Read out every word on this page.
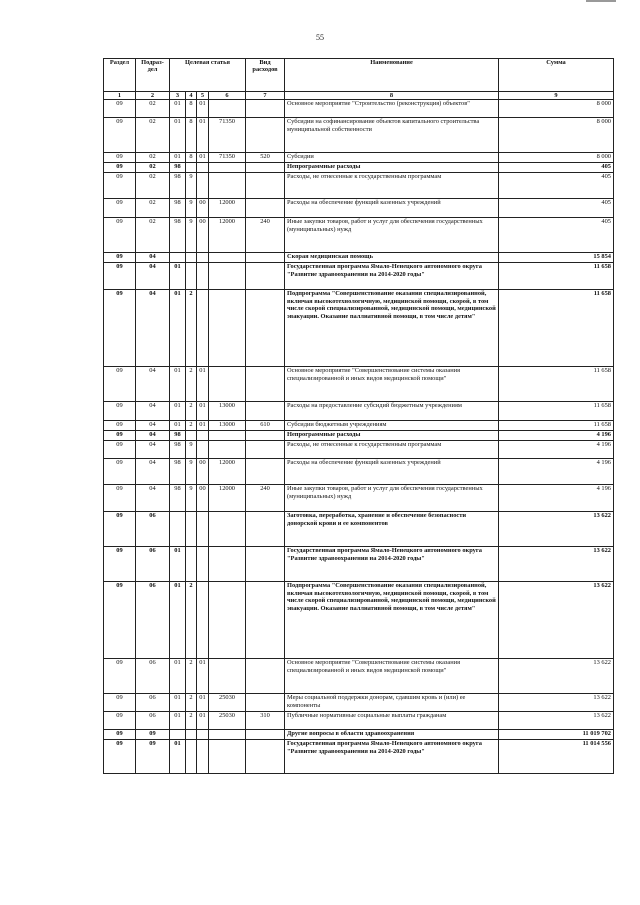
55
Раздел	Подраз-дел	Целевая статья				Вид расходов	Наименование	Сумма
1	2	3	4	5	6	7	8	9
09	02	01	8	01			Основное мероприятие "Строительство (реконструкция) объектов"	8 000
09	02	01	8	01	71350		Субсидии на софинансирование объектов капитального строительства муниципальной собственности	8 000
09	02	01	8	01	71350	520	Субсидии	8 000
09	02	98					Непрограммные расходы	405
09	02	98	9				Расходы, не отнесенные к государственным программам	405
09	02	98	9	00	12000		Расходы на обеспечение функций казенных учреждений	405
09	02	98	9	00	12000	240	Иные закупки товаров, работ и услуг для обеспечения государственных (муниципальных) нужд	405
09	04						Скорая медицинская помощь	15 854
09	04	01					Государственная программа Ямало-Ненецкого автономного округа "Развитие здравоохранения на 2014-2020 годы"	11 658
09	04	01	2				Подпрограмма "Совершенствование оказания специализированной, включая высокотехнологичную, медицинской помощи, скорой, в том числе скорой специализированной, медицинской помощи, медицинской эвакуации. Оказание паллиативной помощи, в том числе детям"	11 658
09	04	01	2	01			Основное мероприятие "Совершенствование системы оказания специализированной и иных видов медицинской помощи"	11 658
09	04	01	2	01	13000		Расходы на предоставление субсидий бюджетным учреждениям	11 658
09	04	01	2	01	13000	610	Субсидии бюджетным учреждениям	11 658
09	04	98					Непрограммные расходы	4 196
09	04	98	9				Расходы, не отнесенные к государственным программам	4 196
09	04	98	9	00	12000		Расходы на обеспечение функций казенных учреждений	4 196
09	04	98	9	00	12000	240	Иные закупки товаров, работ и услуг для обеспечения государственных (муниципальных) нужд	4 196
09	06						Заготовка, переработка, хранение и обеспечение безопасности донорской крови и ее компонентов	13 622
09	06	01					Государственная программа Ямало-Ненецкого автономного округа "Развитие здравоохранения на 2014-2020 годы"	13 622
09	06	01	2				Подпрограмма "Совершенствование оказания специализированной, включая высокотехнологичную, медицинской помощи, скорой, в том числе скорой специализированной, медицинской помощи, медицинской эвакуации. Оказание паллиативной помощи, в том числе детям"	13 622
09	06	01	2	01			Основное мероприятие "Совершенствование системы оказания специализированной и иных видов медицинской помощи"	13 622
09	06	01	2	01	25030		Меры социальной поддержки донорам, сдавшим кровь и (или) ее компоненты	13 622
09	06	01	2	01	25030	310	Публичные нормативные социальные выплаты гражданам	13 622
09	09						Другие вопросы в области здравоохранения	11 019 702
09	09	01					Государственная программа Ямало-Ненецкого автономного округа "Развитие здравоохранения на 2014-2020 годы"	11 014 556
